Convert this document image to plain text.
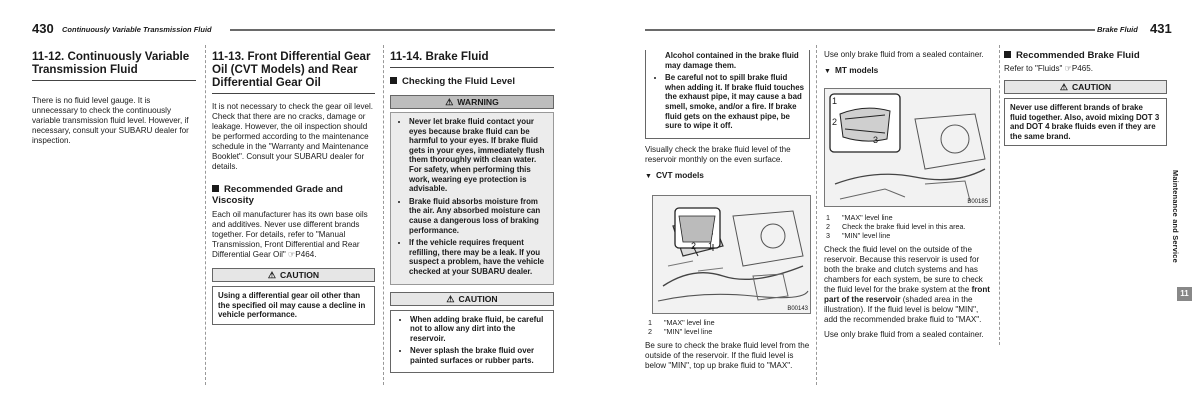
430 Continuously Variable Transmission Fluid	Brake Fluid 431
11-12. Continuously Variable Transmission Fluid

There is no fluid level gauge. It is unnecessary to check the continuously variable transmission fluid level. However, if necessary, consult your SUBARU dealer for inspection.

11-13. Front Differential Gear Oil (CVT Models) and Rear Differential Gear Oil

It is not necessary to check the gear oil level. Check that there are no cracks, damage or leakage. However, the oil inspection should be performed according to the maintenance schedule in the "Warranty and Maintenance Booklet". Consult your SUBARU dealer for details.

Recommended Grade and Viscosity

Each oil manufacturer has its own base oils and additives. Never use different brands together. For details, refer to "Manual Transmission, Front Differential and Rear Differential Gear Oil" ☞P464.

⚠ CAUTION
Using a differential gear oil other than the specified oil may cause a decline in vehicle performance.
11-14. Brake Fluid
Checking the Fluid Level
⚠ WARNING
• Never let brake fluid contact your eyes because brake fluid can be harmful to your eyes. If brake fluid gets in your eyes, immediately flush them thoroughly with clean water. For safety, when performing this work, wearing eye protection is advisable.
• Brake fluid absorbs moisture from the air. Any absorbed moisture can cause a dangerous loss of braking performance.
• If the vehicle requires frequent refilling, there may be a leak. If you suspect a problem, have the vehicle checked at your SUBARU dealer.
⚠ CAUTION
• When adding brake fluid, be careful not to allow any dirt into the reservoir.
• Never splash the brake fluid over painted surfaces or rubber parts.
Alcohol contained in the brake fluid may damage them.
• Be careful not to spill brake fluid when adding it. If brake fluid touches the exhaust pipe, it may cause a bad smell, smoke, and/or a fire. If brake fluid gets on the exhaust pipe, be sure to wipe it off.

Visually check the brake fluid level of the reservoir monthly on the even surface.

▼ CVT models
2 1
B00143
1 "MAX" level line
2 "MIN" level line

Be sure to check the brake fluid level from the outside of the reservoir. If the fluid level is below "MIN", top up brake fluid to "MAX".

Use only brake fluid from a sealed container.

▼ MT models
1
2
3
B00185
1 "MAX" level line
2 Check the brake fluid level in this area.
3 "MIN" level line

Check the fluid level on the outside of the reservoir. Because this reservoir is used for both the brake and clutch systems and has chambers for each system, be sure to check the fluid level for the brake system at the front part of the reservoir (shaded area in the illustration). If the fluid level is below "MIN", add the recommended brake fluid to "MAX".

Use only brake fluid from a sealed container.

Recommended Brake Fluid

Refer to "Fluids" ☞P465.

⚠ CAUTION
Never use different brands of brake fluid together. Also, avoid mixing DOT 3 and DOT 4 brake fluids even if they are the same brand.
Maintenance and Service
11
